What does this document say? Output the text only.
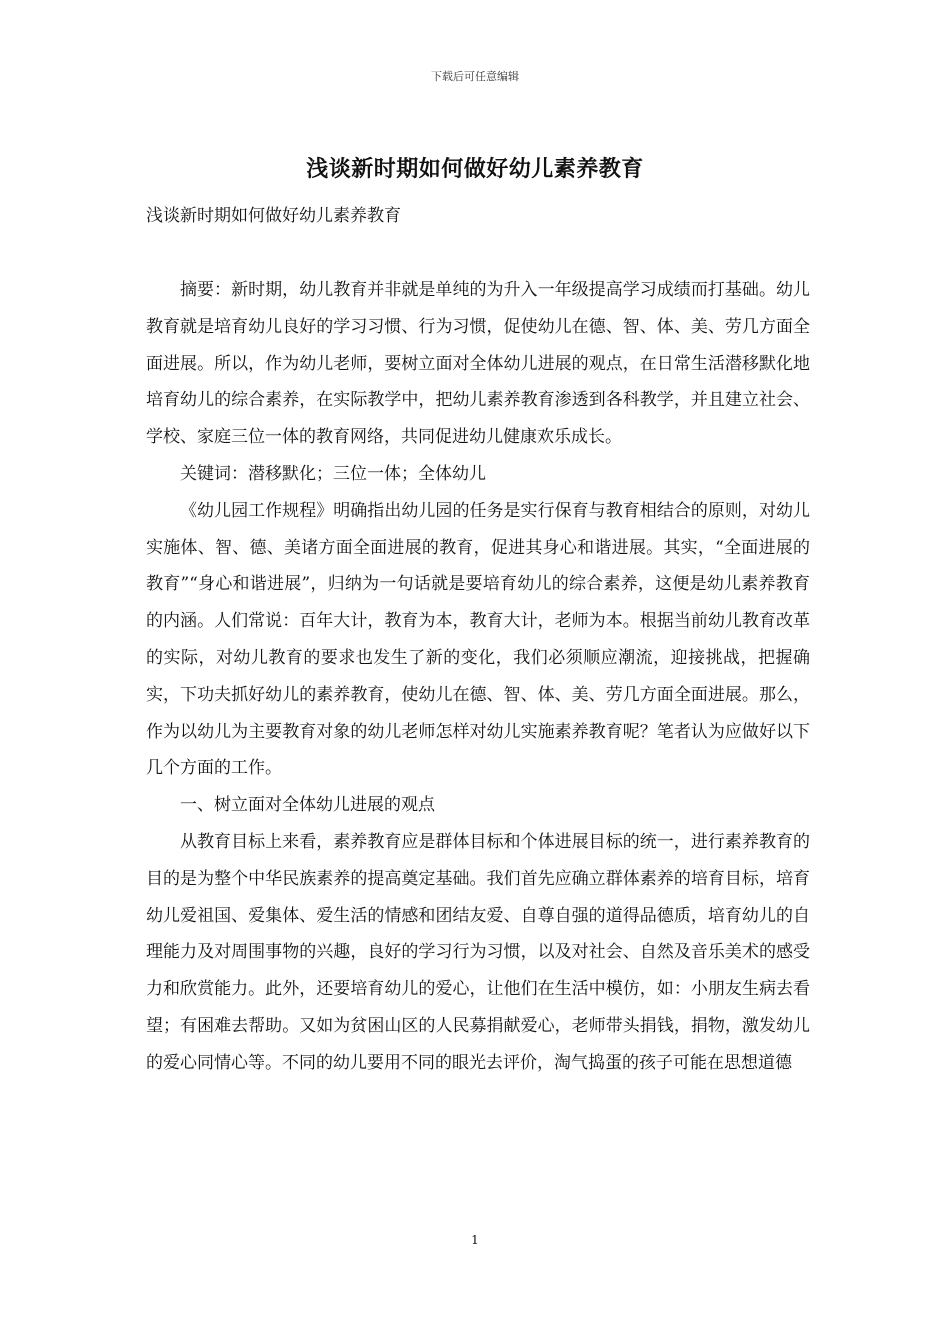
下载后可任意编辑
浅谈新时期如何做好幼儿素养教育
浅谈新时期如何做好幼儿素养教育

摘要：新时期，幼儿教育并非就是单纯的为升入一年级提高学习成绩而打基础。幼儿教育就是培育幼儿良好的学习习惯、行为习惯，促使幼儿在德、智、体、美、劳几方面全面进展。所以，作为幼儿老师，要树立面对全体幼儿进展的观点，在日常生活潜移默化地培育幼儿的综合素养，在实际教学中，把幼儿素养教育渗透到各科教学，并且建立社会、学校、家庭三位一体的教育网络，共同促进幼儿健康欢乐成长。

关键词：潜移默化；三位一体；全体幼儿

《幼儿园工作规程》明确指出幼儿园的任务是实行保育与教育相结合的原则，对幼儿实施体、智、德、美诸方面全面进展的教育，促进其身心和谐进展。其实，“全面进展的教育”“身心和谐进展”，归纳为一句话就是要培育幼儿的综合素养，这便是幼儿素养教育的内涵。人们常说：百年大计，教育为本，教育大计，老师为本。根据当前幼儿教育改革的实际，对幼儿教育的要求也发生了新的变化，我们必须顺应潮流，迎接挑战，把握确实，下功夫抓好幼儿的素养教育，使幼儿在德、智、体、美、劳几方面全面进展。那么，作为以幼儿为主要教育对象的幼儿老师怎样对幼儿实施素养教育呢？笔者认为应做好以下几个方面的工作。

一、树立面对全体幼儿进展的观点

从教育目标上来看，素养教育应是群体目标和个体进展目标的统一，进行素养教育的目的是为整个中华民族素养的提高奠定基础。我们首先应确立群体素养的培育目标，培育幼儿爱祖国、爱集体、爱生活的情感和团结友爱、自尊自强的道得品德质，培育幼儿的自理能力及对周围事物的兴趣，良好的学习行为习惯，以及对社会、自然及音乐美术的感受力和欣赏能力。此外，还要培育幼儿的爱心，让他们在生活中模仿，如：小朋友生病去看望；有困难去帮助。又如为贫困山区的人民募捐献爱心，老师带头捐钱，捐物，激发幼儿的爱心同情心等。不同的幼儿要用不同的眼光去评价，淘气捣蛋的孩子可能在思想道德

1
